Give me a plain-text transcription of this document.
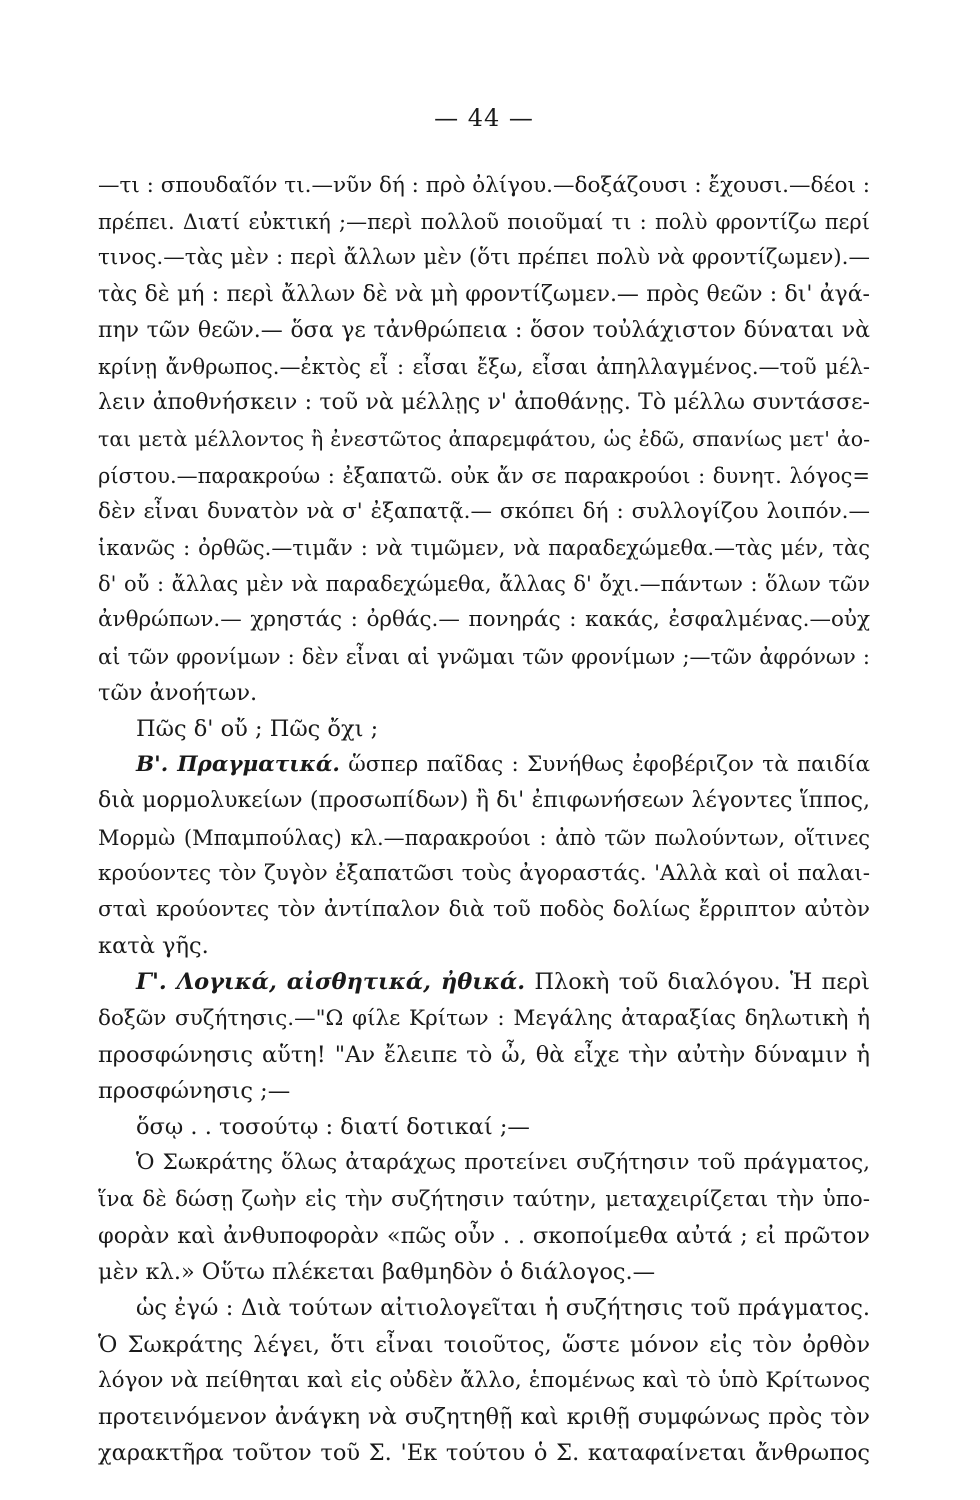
— 44 —
—τι : σπουδαῖόν τι.—νῦν δή : πρὸ ὀλίγου.—δοξάζουσι : ἔχουσι.—δέοι :
πρέπει. Διατί εὐκτική ;—περὶ πολλοῦ ποιοῦμαί τι : πολὺ φροντίζω περί
τινος.—τὰς μὲν : περὶ ἄλλων μὲν (ὅτι πρέπει πολὺ νὰ φροντίζωμεν).—
τὰς δὲ μή : περὶ ἄλλων δὲ νὰ μὴ φροντίζωμεν.— πρὸς θεῶν : δι' ἀγά-
πην τῶν θεῶν.— ὅσα γε τἀνθρώπεια : ὅσον τοὐλάχιστον δύναται νὰ
κρίνῃ ἄνθρωπος.—ἐκτὸς εἶ : εἶσαι ἔξω, εἶσαι ἀπηλλαγμένος.—τοῦ μέλ-
λειν ἀποθνήσκειν : τοῦ νὰ μέλλῃς ν' ἀποθάνῃς. Τὸ μέλλω συντάσσε-
ται μετὰ μέλλοντος ἢ ἐνεστῶτος ἀπαρεμφάτου, ὡς ἐδῶ, σπανίως μετ' ἀο-
ρίστου.—παρακρούω : ἐξαπατῶ. οὐκ ἄν σε παρακρούοι : δυνητ. λόγος=
δὲν εἶναι δυνατὸν νὰ σ' ἐξαπατᾷ.— σκόπει δή : συλλογίζου λοιπόν.—
ἱκανῶς : ὀρθῶς.—τιμᾶν : νὰ τιμῶμεν, νὰ παραδεχώμεθα.—τὰς μέν, τὰς
δ' οὔ : ἄλλας μὲν νὰ παραδεχώμεθα, ἄλλας δ' ὄχι.—πάντων : ὅλων τῶν
ἀνθρώπων.— χρηστάς : ὀρθάς.— πονηράς : κακάς, ἐσφαλμένας.—οὐχ
αἱ τῶν φρονίμων : δὲν εἶναι αἱ γνῶμαι τῶν φρονίμων ;—τῶν ἀφρόνων :
τῶν ἀνοήτων.
Πῶς δ' οὔ ; Πῶς ὄχι ;
Β'. Πραγματικά. ὥσπερ παῖδας : Συνήθως ἐφοβέριζον τὰ παιδία
διὰ μορμολυκείων (προσωπίδων) ἢ δι' ἐπιφωνήσεων λέγοντες ἵππος,
Μορμὼ (Μπαμπούλας) κλ.—παρακρούοι : ἀπὸ τῶν πωλούντων, οἵτινες
κρούοντες τὸν ζυγὸν ἐξαπατῶσι τοὺς ἀγοραστάς. 'Αλλὰ καὶ οἱ παλαι-
σταὶ κρούοντες τὸν ἀντίπαλον διὰ τοῦ ποδὸς δολίως ἔρριπτον αὐτὸν
κατὰ γῆς.
Γ'. Λογικά, αἰσθητικά, ἠθικά. Πλοκὴ τοῦ διαλόγου. Ἡ περὶ
δοξῶν συζήτησις.—"Ω φίλε Κρίτων : Μεγάλης ἀταραξίας δηλωτικὴ ἡ
προσφώνησις αὕτη! "Αν ἔλειπε τὸ ὦ, θὰ εἶχε τὴν αὐτὴν δύναμιν ἡ
προσφώνησις ;—
ὅσῳ . . τοσούτῳ : διατί δοτικαί ;—
Ὁ Σωκράτης ὅλως ἀταράχως προτείνει συζήτησιν τοῦ πράγματος,
ἵνα δὲ δώσῃ ζωὴν εἰς τὴν συζήτησιν ταύτην, μεταχειρίζεται τὴν ὑπο-
φορὰν καὶ ἀνθυποφορὰν «πῶς οὖν . . σκοποίμεθα αὐτά ; εἰ πρῶτον
μὲν κλ.» Οὕτω πλέκεται βαθμηδὸν ὁ διάλογος.—
ὡς ἐγώ : Διὰ τούτων αἰτιολογεῖται ἡ συζήτησις τοῦ πράγματος.
Ὁ Σωκράτης λέγει, ὅτι εἶναι τοιοῦτος, ὥστε μόνον εἰς τὸν ὀρθὸν
λόγον νὰ πείθηται καὶ εἰς οὐδὲν ἄλλο, ἑπομένως καὶ τὸ ὑπὸ Κρίτωνος
προτεινόμενον ἀνάγκη νὰ συζητηθῇ καὶ κριθῇ συμφώνως πρὸς τὸν
χαρακτῆρα τοῦτον τοῦ Σ. 'Εκ τούτου ὁ Σ. καταφαίνεται ἄνθρωπος
